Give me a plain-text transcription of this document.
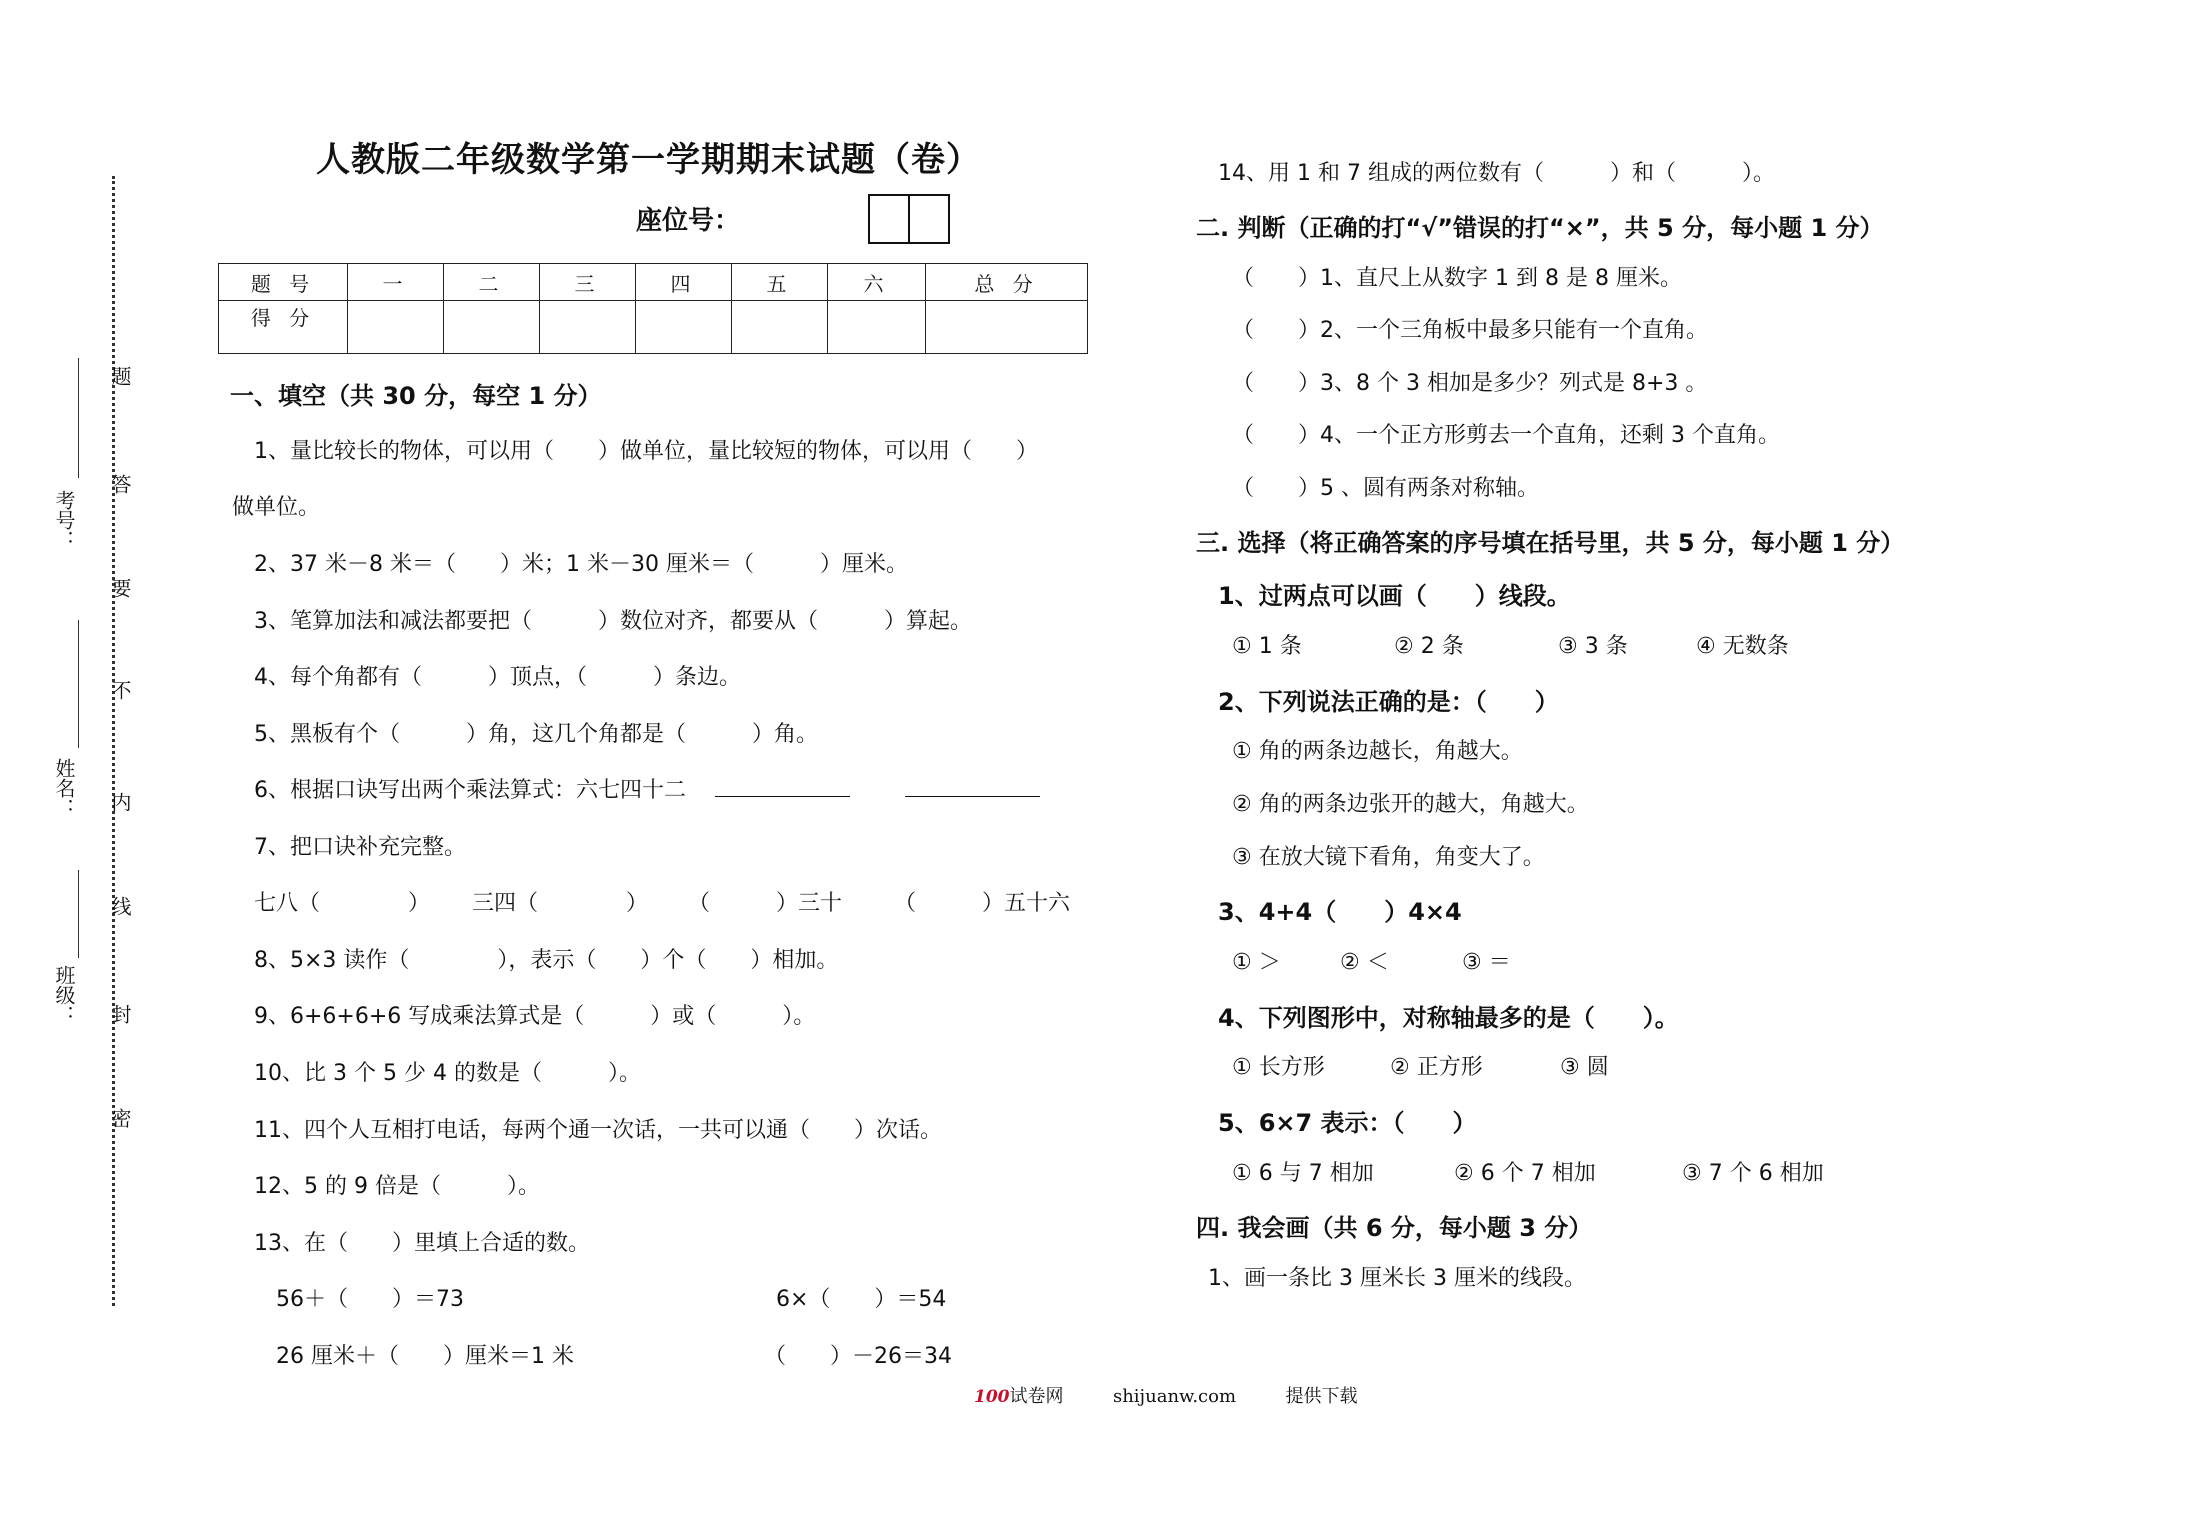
考号：
姓名：
班级：
题
答
要
不
内
线
封
密
人教版二年级数学第一学期期末试题（卷）
座位号：
题 号	一	二	三	四	五	六	总 分
得 分							
一、填空（共 30 分，每空 1 分）
1、量比较长的物体，可以用（　　）做单位，量比较短的物体，可以用（　　）
做单位。
2、37 米－8 米＝（　　）米；1 米－30 厘米＝（　　　）厘米。
3、笔算加法和减法都要把（　　　）数位对齐，都要从（　　　）算起。
4、每个角都有（　　　）顶点，（　　　）条边。
5、黑板有个（　　　）角，这几个角都是（　　　）角。
6、根据口诀写出两个乘法算式：六七四十二
7、把口诀补充完整。
七八（　　　　） 三四（　　　　） （　　　）三十 （　　　）五十六
8、5×3 读作（　　　　），表示（　　）个（　　）相加。
9、6+6+6+6 写成乘法算式是（　　　）或（　　　）。
10、比 3 个 5 少 4 的数是（　　　）。
11、四个人互相打电话，每两个通一次话，一共可以通（　　）次话。
12、5 的 9 倍是（　　　）。
13、在（　　）里填上合适的数。
56＋（　　）＝73	6×（　　）＝54
26 厘米＋（　　）厘米＝1 米	（　　）－26＝34
14、用 1 和 7 组成的两位数有（　　　）和（　　　）。
二. 判断（正确的打“√”错误的打“×”，共 5 分，每小题 1 分）
（　　）1、直尺上从数字 1 到 8 是 8 厘米。
（　　）2、一个三角板中最多只能有一个直角。
（　　）3、8 个 3 相加是多少？列式是 8+3 。
（　　）4、一个正方形剪去一个直角，还剩 3 个直角。
（　　）5 、圆有两条对称轴。
三. 选择（将正确答案的序号填在括号里，共 5 分，每小题 1 分）
1、过两点可以画（　　）线段。
① 1 条	② 2 条	③ 3 条	④ 无数条
2、下列说法正确的是：（　　）
① 角的两条边越长，角越大。
② 角的两条边张开的越大，角越大。
③ 在放大镜下看角，角变大了。
3、4+4（　　）4×4
① ＞	② ＜	③ ＝
4、下列图形中，对称轴最多的是（　　）。
① 长方形	② 正方形	③ 圆
5、6×7 表示：（　　）
① 6 与 7 相加	② 6 个 7 相加	③ 7 个 6 相加
四. 我会画（共 6 分，每小题 3 分）
1、画一条比 3 厘米长 3 厘米的线段。
100试卷网	shijuanw.com	提供下载
